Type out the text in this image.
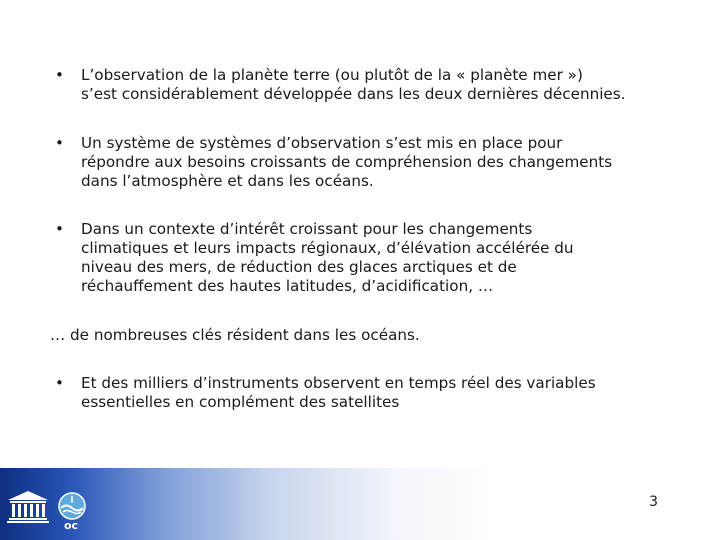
• L’observation de la planète terre (ou plutôt de la « planète mer »)
s’est considérablement développée dans les deux dernières décennies.
• Un système de systèmes d’observation s’est mis en place pour
répondre aux besoins croissants de compréhension des changements
dans l’atmosphère et dans les océans.
• Dans un contexte d’intérêt croissant pour les changements
climatiques et leurs impacts régionaux, d’élévation accélérée du
niveau des mers, de réduction des glaces arctiques et de
réchauffement des hautes latitudes, d’acidification, …
… de nombreuses clés résident dans les océans.
• Et des milliers d’instruments observent en temps réel des variables
essentielles en complément des satellites
3
oc
